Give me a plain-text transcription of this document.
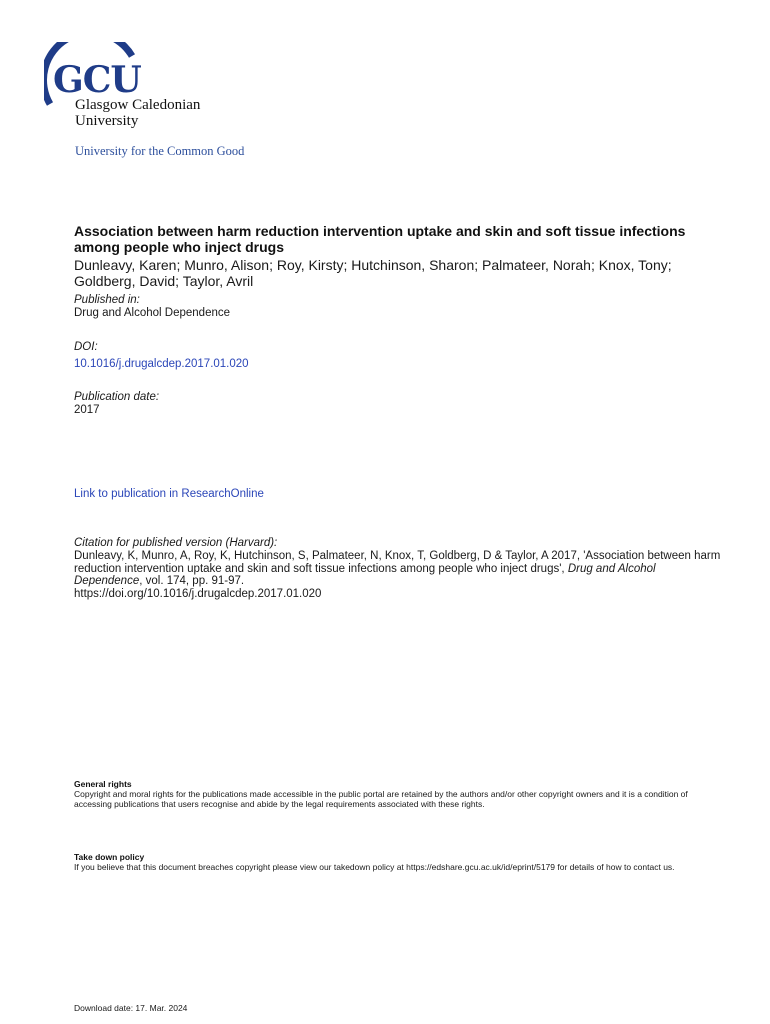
GCU
Glasgow Caledonian
University
University for the Common Good
Association between harm reduction intervention uptake and skin and soft tissue infections among people who inject drugs
Dunleavy, Karen; Munro, Alison; Roy, Kirsty; Hutchinson, Sharon; Palmateer, Norah; Knox, Tony; Goldberg, David; Taylor, Avril
Published in:
Drug and Alcohol Dependence
DOI:
10.1016/j.drugalcdep.2017.01.020
Publication date:
2017
Link to publication in ResearchOnline
Citation for published version (Harvard):
Dunleavy, K, Munro, A, Roy, K, Hutchinson, S, Palmateer, N, Knox, T, Goldberg, D & Taylor, A 2017, 'Association between harm reduction intervention uptake and skin and soft tissue infections among people who inject drugs', Drug and Alcohol Dependence, vol. 174, pp. 91-97.
https://doi.org/10.1016/j.drugalcdep.2017.01.020
General rights
Copyright and moral rights for the publications made accessible in the public portal are retained by the authors and/or other copyright owners and it is a condition of accessing publications that users recognise and abide by the legal requirements associated with these rights.
Take down policy
If you believe that this document breaches copyright please view our takedown policy at https://edshare.gcu.ac.uk/id/eprint/5179 for details of how to contact us.
Download date: 17. Mar. 2024
